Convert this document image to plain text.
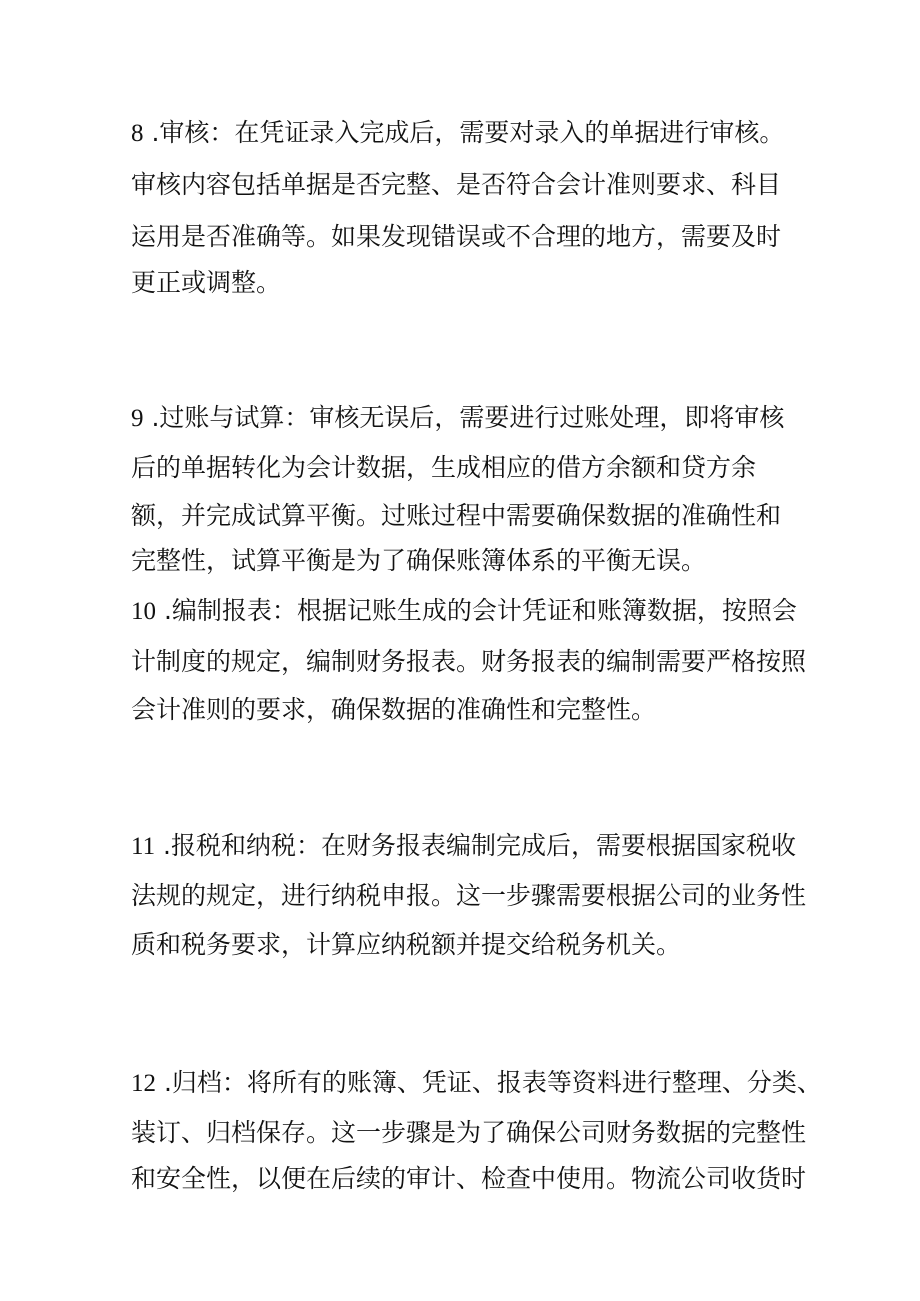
8 .审核：在凭证录入完成后，需要对录入的单据进行审核。
审核内容包括单据是否完整、是否符合会计准则要求、科目
运用是否准确等。如果发现错误或不合理的地方，需要及时
更正或调整。
9 .过账与试算：审核无误后，需要进行过账处理，即将审核
后的单据转化为会计数据，生成相应的借方余额和贷方余
额，并完成试算平衡。过账过程中需要确保数据的准确性和
完整性，试算平衡是为了确保账簿体系的平衡无误。
10 .编制报表：根据记账生成的会计凭证和账簿数据，按照会
计制度的规定，编制财务报表。财务报表的编制需要严格按照
会计准则的要求，确保数据的准确性和完整性。
11 .报税和纳税：在财务报表编制完成后，需要根据国家税收
法规的规定，进行纳税申报。这一步骤需要根据公司的业务性
质和税务要求，计算应纳税额并提交给税务机关。
12 .归档：将所有的账簿、凭证、报表等资料进行整理、分类、
装订、归档保存。这一步骤是为了确保公司财务数据的完整性
和安全性，以便在后续的审计、检查中使用。物流公司收货时
